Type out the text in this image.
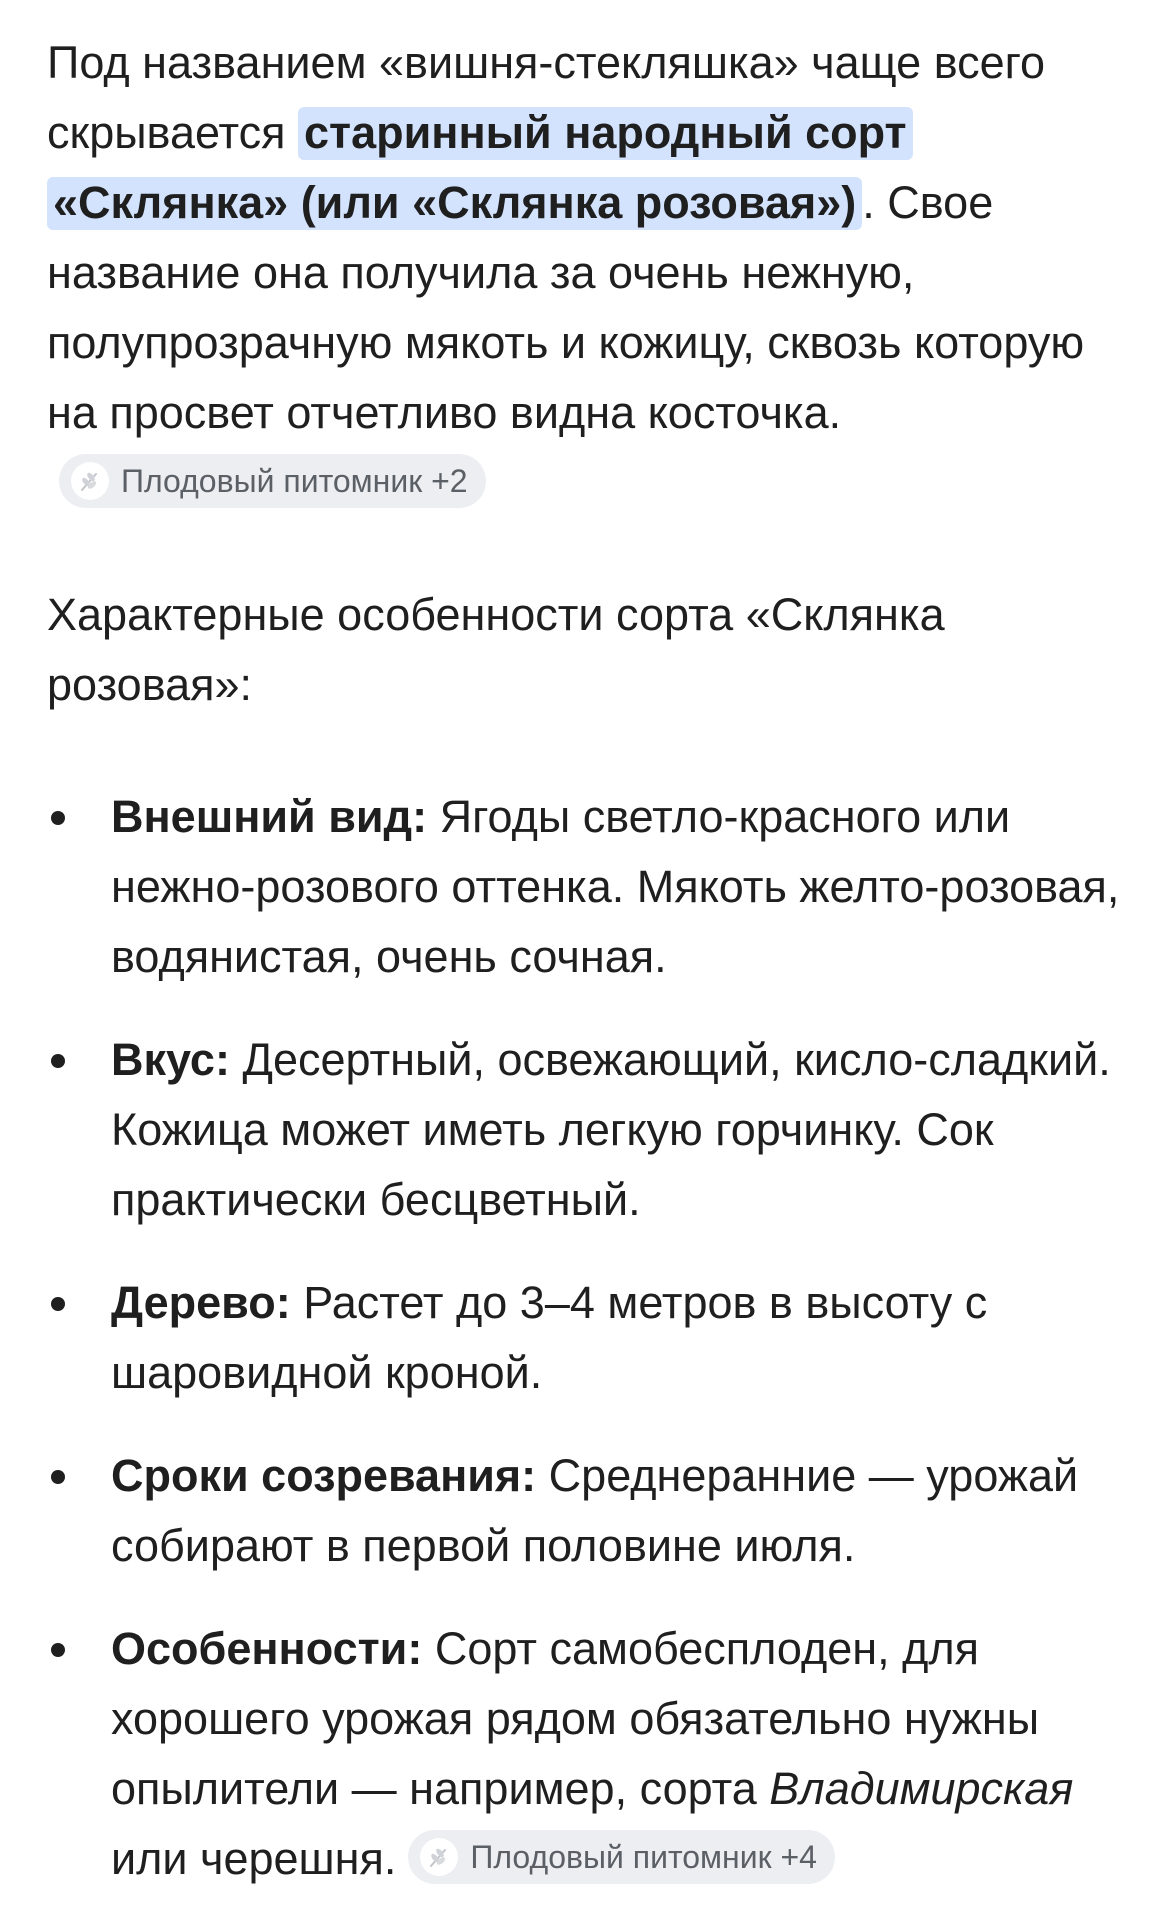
Под названием «вишня-стекляшка» чаще всего скрывается старинный народный сорт «Склянка» (или «Склянка розовая») . Свое название она получила за очень нежную, полупрозрачную мякоть и кожицу, сквозь которую на просвет отчетливо видна косточка.
Плодовый питомник +2

Характерные особенности сорта «Склянка розовая»:

Внешний вид: Ягоды светло-красного или нежно-розового оттенка. Мякоть желто-розовая, водянистая, очень сочная.
Вкус: Десертный, освежающий, кисло-сладкий. Кожица может иметь легкую горчинку. Сок практически бесцветный.
Дерево: Растет до 3–4 метров в высоту с шаровидной кроной.
Сроки созревания: Среднеранние — урожай собирают в первой половине июля.
Особенности: Сорт самобесплоден, для хорошего урожая рядом обязательно нужны опылители — например, сорта Владимирская или черешня. Плодовый питомник +4
